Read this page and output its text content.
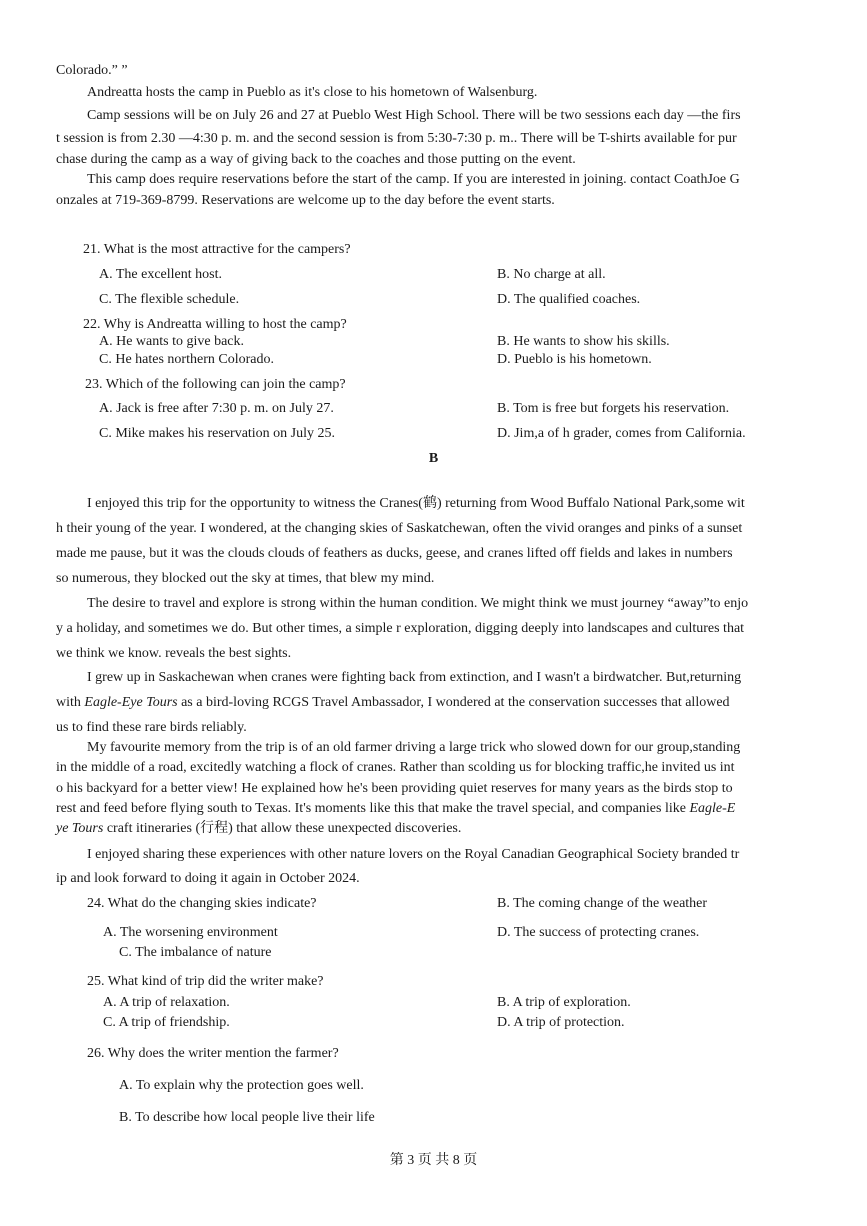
Colorado.” ”
Andreatta hosts the camp in Pueblo as it's close to his hometown of Walsenburg.
Camp sessions will be on July 26 and 27 at Pueblo West High School. There will be two sessions each day —the firs
t session is from 2.30 —4:30 p. m. and the second session is from 5:30-7:30 p. m.. There will be T-shirts available for pur
chase during the camp as a way of giving back to the coaches and those putting on the event.
This camp does require reservations before the start of the camp. If you are interested in joining. contact CoathJoe G
onzales at 719-369-8799. Reservations are welcome up to the day before the event starts.
21. What is the most attractive for the campers?
A. The excellent host.	B. No charge at all.
C. The flexible schedule.	D. The qualified coaches.
22. Why is Andreatta willing to host the camp?
A. He wants to give back.	B. He wants to show his skills.
C. He hates northern Colorado.	D. Pueblo is his hometown.
23. Which of the following can join the camp?
A. Jack is free after 7:30 p. m. on July 27.	B. Tom is free but forgets his reservation.
C. Mike makes his reservation on July 25.	D. Jim,a of h grader, comes from California.
B
I enjoyed this trip for the opportunity to witness the Cranes(鹤) returning from Wood Buffalo National Park,some wit
h their young of the year. I wondered, at the changing skies of Saskatchewan, often the vivid oranges and pinks of a sunset
made me pause, but it was the clouds clouds of feathers as ducks, geese, and cranes lifted off fields and lakes in numbers
so numerous, they blocked out the sky at times, that blew my mind.
The desire to travel and explore is strong within the human condition. We might think we must journey “away”to enjo
y a holiday, and sometimes we do. But other times, a simple r exploration, digging deeply into landscapes and cultures that
we think we know. reveals the best sights.
I grew up in Saskachewan when cranes were fighting back from extinction, and I wasn't a birdwatcher. But,returning
with Eagle-Eye Tours as a bird-loving RCGS Travel Ambassador, I wondered at the conservation successes that allowed
us to find these rare birds reliably.
My favourite memory from the trip is of an old farmer driving a large trick who slowed down for our group,standing
in the middle of a road, excitedly watching a flock of cranes. Rather than scolding us for blocking traffic,he invited us int
o his backyard for a better view! He explained how he's been providing quiet reserves for many years as the birds stop to
rest and feed before flying south to Texas. It's moments like this that make the travel special, and companies like Eagle-E
ye Tours craft itineraries (行程) that allow these unexpected discoveries.
I enjoyed sharing these experiences with other nature lovers on the Royal Canadian Geographical Society branded tr
ip and look forward to doing it again in October 2024.
24. What do the changing skies indicate?	B. The coming change of the weather
A. The worsening environment	D. The success of protecting cranes.
C. The imbalance of nature
25. What kind of trip did the writer make?
A. A trip of relaxation.	B. A trip of exploration.
C. A trip of friendship.	D. A trip of protection.
26. Why does the writer mention the farmer?
A. To explain why the protection goes well.
B. To describe how local people live their life
第 3 页 共 8 页
